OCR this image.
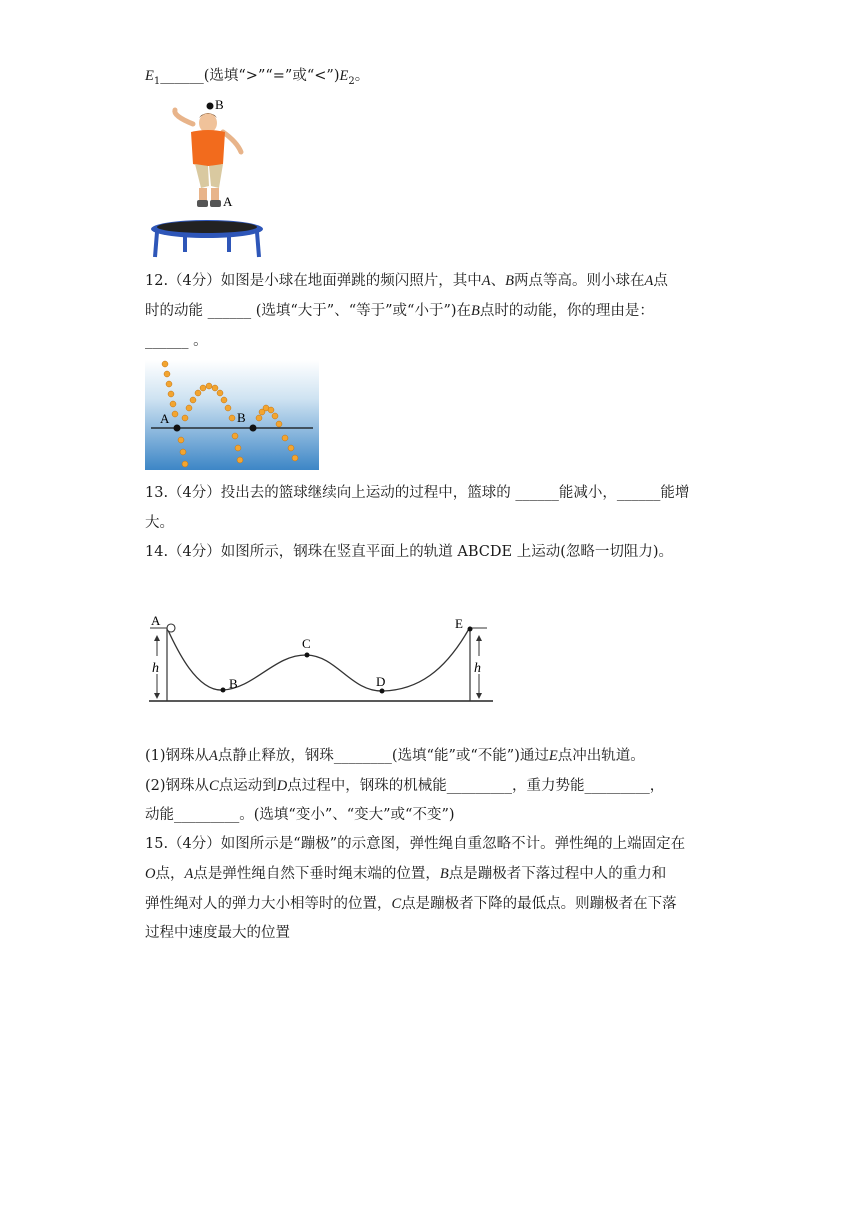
$E_1\_\_\_\_\_\_$(选填“>”“=”或“$<”)E_2$。
B
A
12.（4分）如图是小球在地面弹跳的频闪照片，其中A、B两点等高。则小球在A点
时的动能 ______ (选填“大于”、“等于”或“小于”)在B点时的动能，你的理由是：
______ 。
A	B
13.（4分）投出去的篮球继续向上运动的过程中，篮球的 ______能减小，______能增
大。
14.（4分）如图所示，钢珠在竖直平面上的轨道 ABCDE 上运动(忽略一切阻力)。
h
A
h
E
B
C
D
(1)钢珠从A点静止释放，钢珠________(选填“能”或“不能”)通过E点冲出轨道。
(2)钢珠从C点运动到D点过程中，钢珠的机械能_________，重力势能_________，
动能_________。(选填“变小”、“变大”或“不变”)
15.（4分）如图所示是“蹦极”的示意图，弹性绳自重忽略不计。弹性绳的上端固定在
O点，A点是弹性绳自然下垂时绳末端的位置，B点是蹦极者下落过程中人的重力和
弹性绳对人的弹力大小相等时的位置，C点是蹦极者下降的最低点。则蹦极者在下落
过程中速度最大的位置
